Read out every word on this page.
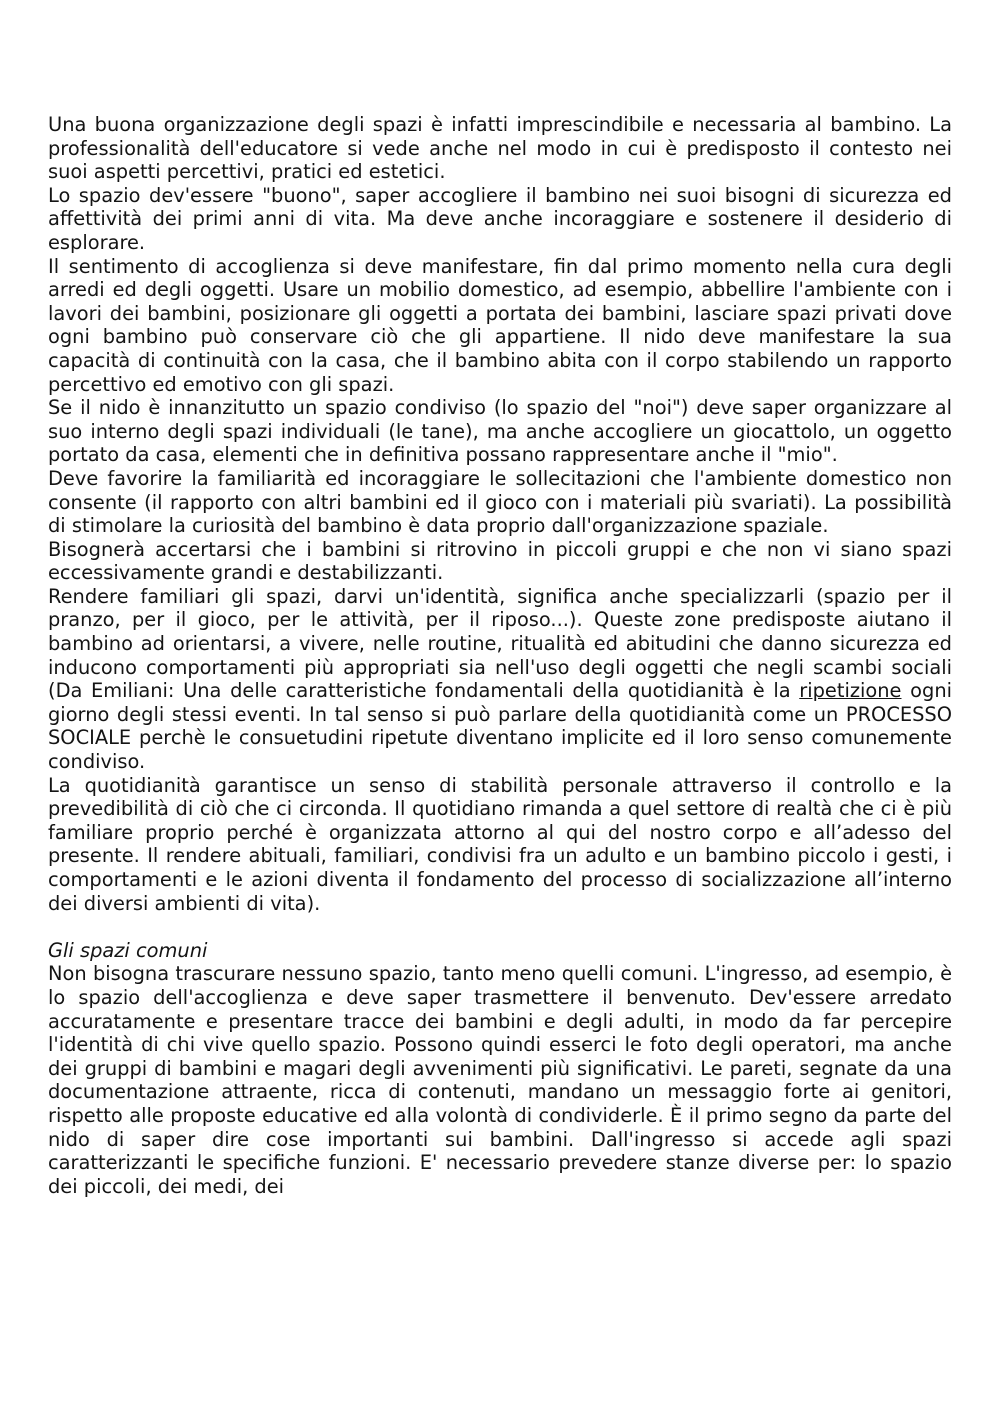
Una buona organizzazione degli spazi è infatti imprescindibile e necessaria al bambino. La professionalità dell'educatore si vede anche nel modo in cui è predisposto il contesto nei suoi aspetti percettivi, pratici ed estetici.

Lo spazio dev'essere "buono", saper accogliere il bambino nei suoi bisogni di sicurezza ed affettività dei primi anni di vita. Ma deve anche incoraggiare e sostenere il desiderio di esplorare.

Il sentimento di accoglienza si deve manifestare, fin dal primo momento nella cura degli arredi ed degli oggetti. Usare un mobilio domestico, ad esempio, abbellire l'ambiente con i lavori dei bambini, posizionare gli oggetti a portata dei bambini, lasciare spazi privati dove ogni bambino può conservare ciò che gli appartiene. Il nido deve manifestare la sua capacità di continuità con la casa, che il bambino abita con il corpo stabilendo un rapporto percettivo ed emotivo con gli spazi.

Se il nido è innanzitutto un spazio condiviso (lo spazio del "noi") deve saper organizzare al suo interno degli spazi individuali (le tane), ma anche accogliere un giocattolo, un oggetto portato da casa, elementi che in definitiva possano rappresentare anche il "mio".

Deve favorire la familiarità ed incoraggiare le sollecitazioni che l'ambiente domestico non consente (il rapporto con altri bambini ed il gioco con i materiali più svariati). La possibilità di stimolare la curiosità del bambino è data proprio dall'organizzazione spaziale.

Bisognerà accertarsi che i bambini si ritrovino in piccoli gruppi e che non vi siano spazi eccessivamente grandi e destabilizzanti.

Rendere familiari gli spazi, darvi un'identità, significa anche specializzarli (spazio per il pranzo, per il gioco, per le attività, per il riposo...). Queste zone predisposte aiutano il bambino ad orientarsi, a vivere, nelle routine, ritualità ed abitudini che danno sicurezza ed inducono comportamenti più appropriati sia nell'uso degli oggetti che negli scambi sociali (Da Emiliani: Una delle caratteristiche fondamentali della quotidianità è la ripetizione ogni giorno degli stessi eventi. In tal senso si può parlare della quotidianità come un PROCESSO SOCIALE perchè le consuetudini ripetute diventano implicite ed il loro senso comunemente condiviso.

La quotidianità garantisce un senso di stabilità personale attraverso il controllo e la prevedibilità di ciò che ci circonda. Il quotidiano rimanda a quel settore di realtà che ci è più familiare proprio perché è organizzata attorno al qui del nostro corpo e all’adesso del presente. Il rendere abituali, familiari, condivisi fra un adulto e un bambino piccolo i gesti, i comportamenti e le azioni diventa il fondamento del processo di socializzazione all’interno dei diversi ambienti di vita).

Gli spazi comuni

Non bisogna trascurare nessuno spazio, tanto meno quelli comuni. L'ingresso, ad esempio, è lo spazio dell'accoglienza e deve saper trasmettere il benvenuto. Dev'essere arredato accuratamente e presentare tracce dei bambini e degli adulti, in modo da far percepire l'identità di chi vive quello spazio. Possono quindi esserci le foto degli operatori, ma anche dei gruppi di bambini e magari degli avvenimenti più significativi. Le pareti, segnate da una documentazione attraente, ricca di contenuti, mandano un messaggio forte ai genitori, rispetto alle proposte educative ed alla volontà di condividerle. È il primo segno da parte del nido di saper dire cose importanti sui bambini. Dall'ingresso si accede agli spazi caratterizzanti le specifiche funzioni. E' necessario prevedere stanze diverse per: lo spazio dei piccoli, dei medi, dei
